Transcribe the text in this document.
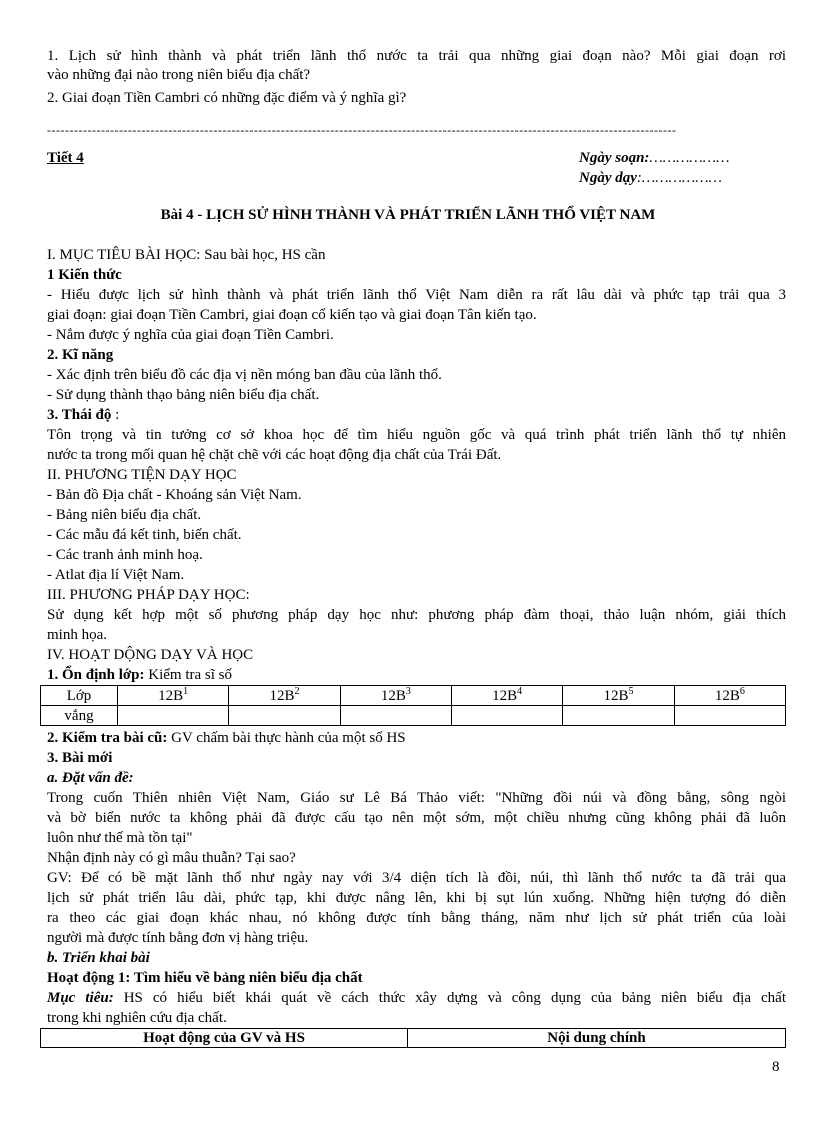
1. Lịch sử hình thành và phát triển lãnh thổ nước ta trải qua những giai đoạn nào? Mỗi giai đoạn rơi
vào những đại nào trong niên biểu địa chất?
2. Giai đoạn Tiền Cambri có những đặc điểm và ý nghĩa gì?
--------------------------------------------------------------------------------------------------------------------------------------------
Tiết 4	Ngày soạn:………………
Ngày dạy:………………
Bài 4 - LỊCH SỬ HÌNH THÀNH VÀ PHÁT TRIỂN LÃNH THỔ VIỆT NAM
I. MỤC TIÊU BÀI HỌC: Sau bài học, HS cần
1 Kiến thức
- Hiểu được lịch sử hình thành và phát triển lãnh thổ Việt Nam diễn ra rất lâu dài và phức tạp trải qua 3
giai đoạn: giai đoạn Tiền Cambri, giai đoạn cổ kiến tạo và giai đoạn Tân kiến tạo.
- Nắm được ý nghĩa của giai đoạn Tiền Cambri.
2. Kĩ năng
- Xác định trên biểu đồ các địa vị nền móng ban đầu của lãnh thổ.
- Sử dụng thành thạo bảng niên biểu địa chất.
3. Thái độ :
Tôn trọng và tin tưởng cơ sở khoa học để tìm hiểu nguồn gốc và quá trình phát triển lãnh thổ tự nhiên
nước ta trong mối quan hệ chặt chẽ với các hoạt động địa chất của Trái Đất.
II. PHƯƠNG TIỆN DẠY HỌC
- Bản đồ Địa chất - Khoáng sản Việt Nam.
- Bảng niên biểu địa chất.
- Các mẫu đá kết tinh, biến chất.
- Các tranh ảnh minh hoạ.
- Atlat địa lí Việt Nam.
III. PHƯƠNG PHÁP DẠY HỌC:
Sử dụng kết hợp một số phương pháp dạy học như: phương pháp đàm thoại, thảo luận nhóm, giải thích
minh họa.
IV. HOẠT DỘNG DẠY VÀ HỌC
1. Ổn định lớp: Kiểm tra sĩ số
Lớp	$12B^1$	$12B^2$	$12B^3$	$12B^4$	$12B^5$	$12B^6$
vắng						
2. Kiểm tra bài cũ: GV chấm bài thực hành của một số HS
3. Bài mới
a. Đặt vấn đề:
Trong cuốn Thiên nhiên Việt Nam, Giáo sư Lê Bá Thảo viết: "Những đồi núi và đồng bằng, sông ngòi
và bờ biển nước ta không phải đã được cấu tạo nên một sớm, một chiều nhưng cũng không phải đã luôn
luôn như thế mà tồn tại"
Nhận định này có gì mâu thuẫn? Tại sao?
GV: Để có bề mặt lãnh thổ như ngày nay với 3/4 diện tích là đồi, núi, thì lãnh thổ nước ta đã trải qua
lịch sử phát triển lâu dài, phức tạp, khi được nâng lên, khi bị sụt lún xuống. Những hiện tượng đó diễn
ra theo các giai đoạn khác nhau, nó không được tính bằng tháng, năm như lịch sử phát triển của loài
người mà được tính bằng đơn vị hàng triệu.
b. Triển khai bài
Hoạt động 1: Tìm hiểu về bảng niên biểu địa chất
Mục tiêu: HS có hiểu biết khái quát về cách thức xây dựng và công dụng của bảng niên biểu địa chất
trong khi nghiên cứu địa chất.
Hoạt động của GV và HS	Nội dung chính
8
